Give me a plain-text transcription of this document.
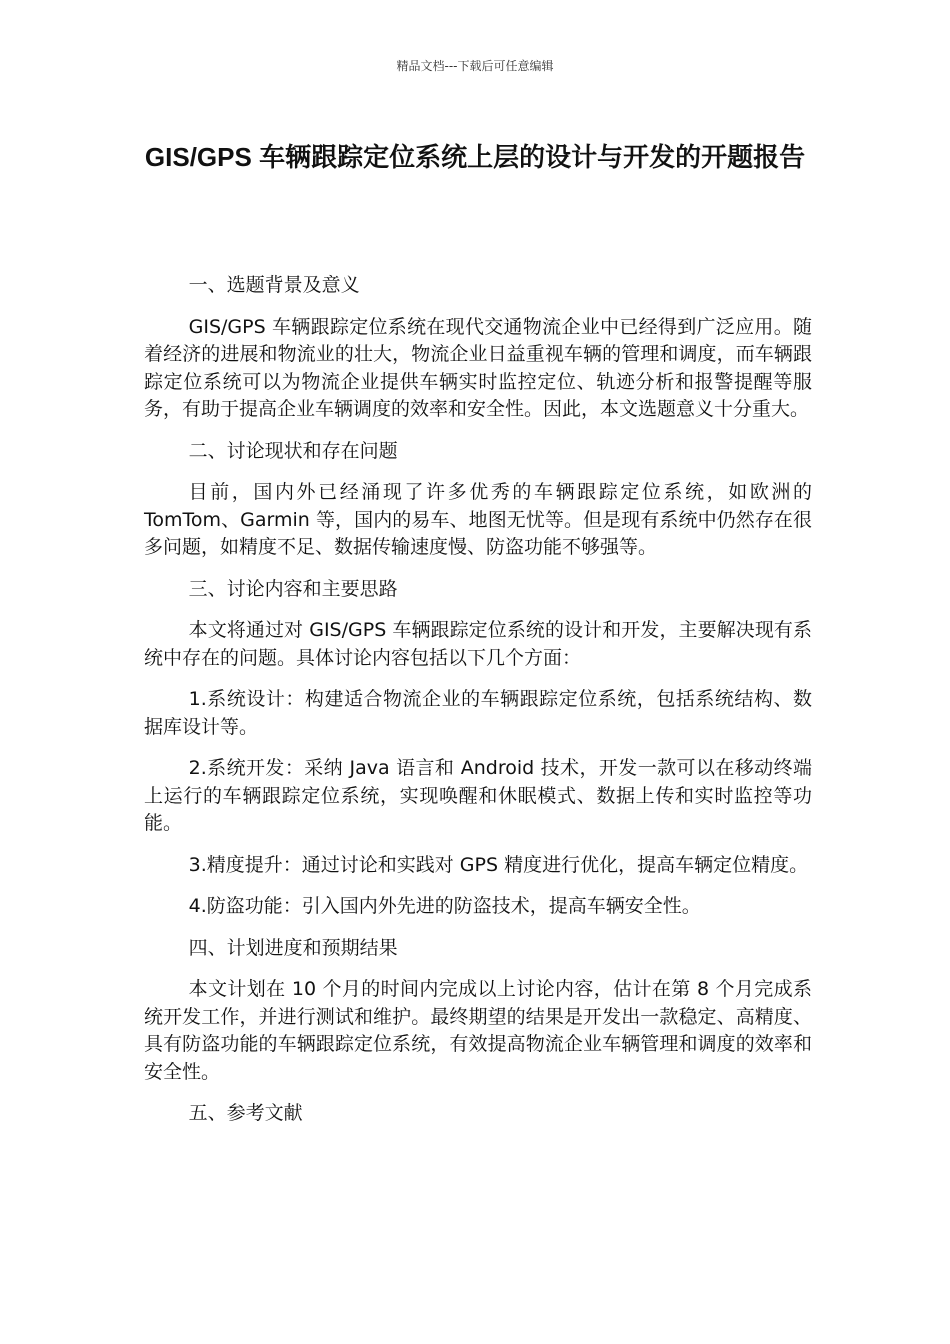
精品文档---下载后可任意编辑
GIS/GPS 车辆跟踪定位系统上层的设计与开发的开题报告
一、选题背景及意义

GIS/GPS 车辆跟踪定位系统在现代交通物流企业中已经得到广泛应用。随着经济的进展和物流业的壮大，物流企业日益重视车辆的管理和调度，而车辆跟踪定位系统可以为物流企业提供车辆实时监控定位、轨迹分析和报警提醒等服务，有助于提高企业车辆调度的效率和安全性。因此，本文选题意义十分重大。

二、讨论现状和存在问题

目前，国内外已经涌现了许多优秀的车辆跟踪定位系统，如欧洲的 TomTom、Garmin 等，国内的易车、地图无忧等。但是现有系统中仍然存在很多问题，如精度不足、数据传输速度慢、防盗功能不够强等。

三、讨论内容和主要思路

本文将通过对 GIS/GPS 车辆跟踪定位系统的设计和开发，主要解决现有系统中存在的问题。具体讨论内容包括以下几个方面：

1.系统设计：构建适合物流企业的车辆跟踪定位系统，包括系统结构、数据库设计等。

2.系统开发：采纳 Java 语言和 Android 技术，开发一款可以在移动终端上运行的车辆跟踪定位系统，实现唤醒和休眠模式、数据上传和实时监控等功能。

3.精度提升：通过讨论和实践对 GPS 精度进行优化，提高车辆定位精度。

4.防盗功能：引入国内外先进的防盗技术，提高车辆安全性。

四、计划进度和预期结果

本文计划在 10 个月的时间内完成以上讨论内容，估计在第 8 个月完成系统开发工作，并进行测试和维护。最终期望的结果是开发出一款稳定、高精度、具有防盗功能的车辆跟踪定位系统，有效提高物流企业车辆管理和调度的效率和安全性。

五、参考文献
